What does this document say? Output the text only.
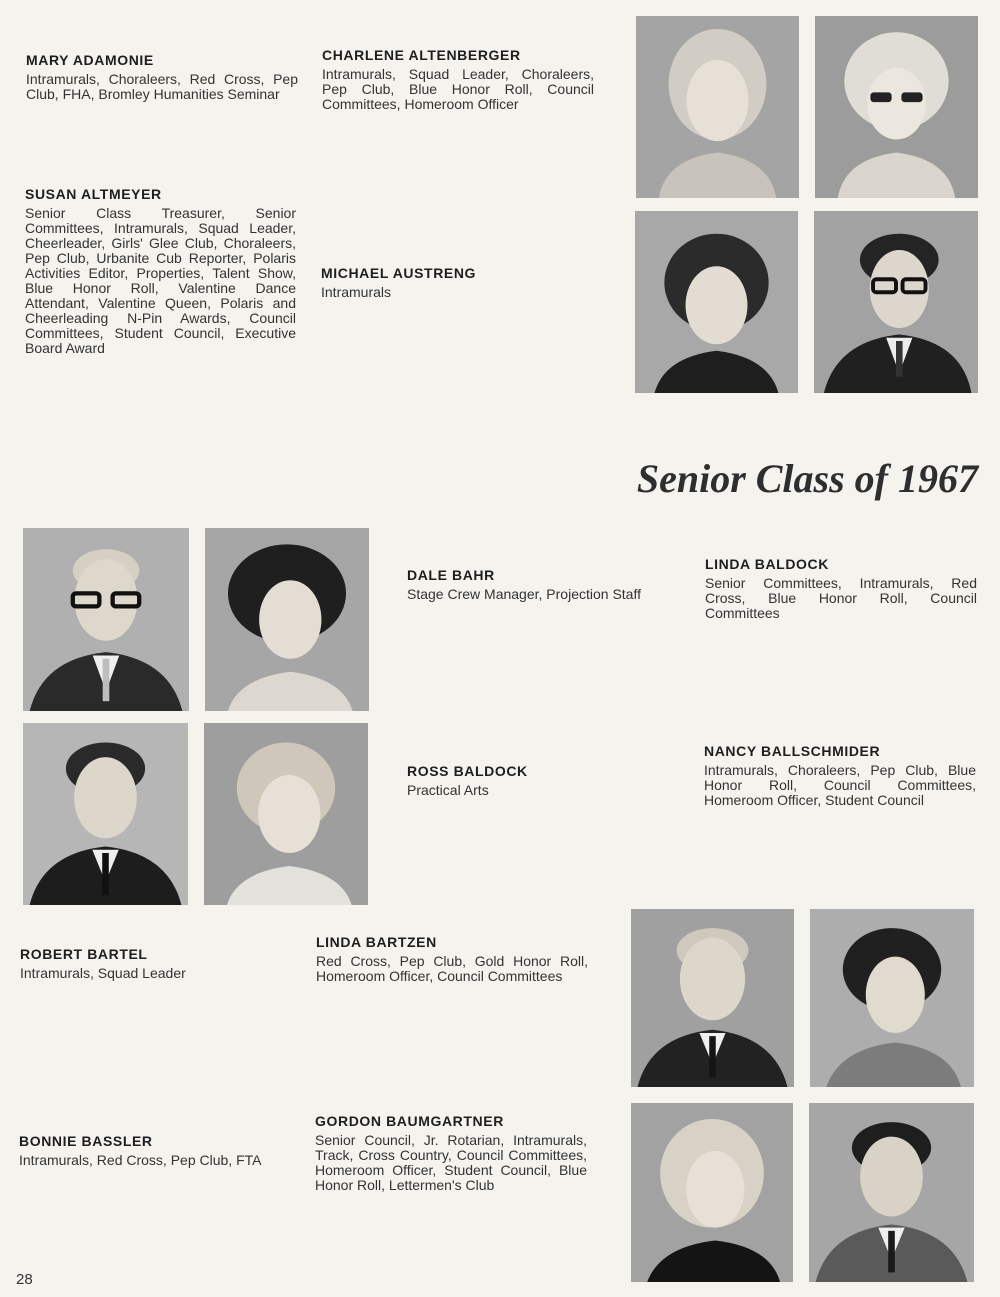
MARY ADAMONIE

Intramurals, Choraleers, Red Cross, Pep Club, FHA, Bromley Humanities Seminar

CHARLENE ALTENBERGER

Intramurals, Squad Leader, Choraleers, Pep Club, Blue Honor Roll, Council Committees, Homeroom Officer

SUSAN ALTMEYER

Senior Class Treasurer, Senior Committees, Intramurals, Squad Leader, Cheerleader, Girls' Glee Club, Choraleers, Pep Club, Urbanite Cub Reporter, Polaris Activities Editor, Properties, Talent Show, Blue Honor Roll, Valentine Dance Attendant, Valentine Queen, Polaris and Cheerleading N-Pin Awards, Council Committees, Student Council, Executive Board Award

MICHAEL AUSTRENG

Intramurals

DALE BAHR

Stage Crew Manager, Projection Staff

LINDA BALDOCK

Senior Committees, Intramurals, Red Cross, Blue Honor Roll, Council Committees

ROSS BALDOCK

Practical Arts

NANCY BALLSCHMIDER

Intramurals, Choraleers, Pep Club, Blue Honor Roll, Council Committees, Homeroom Officer, Student Council

ROBERT BARTEL

Intramurals, Squad Leader

LINDA BARTZEN

Red Cross, Pep Club, Gold Honor Roll, Homeroom Officer, Council Committees

BONNIE BASSLER

Intramurals, Red Cross, Pep Club, FTA

GORDON BAUMGARTNER

Senior Council, Jr. Rotarian, Intramurals, Track, Cross Country, Council Committees, Homeroom Officer, Student Council, Blue Honor Roll, Lettermen's Club

Senior Class of 1967
28
